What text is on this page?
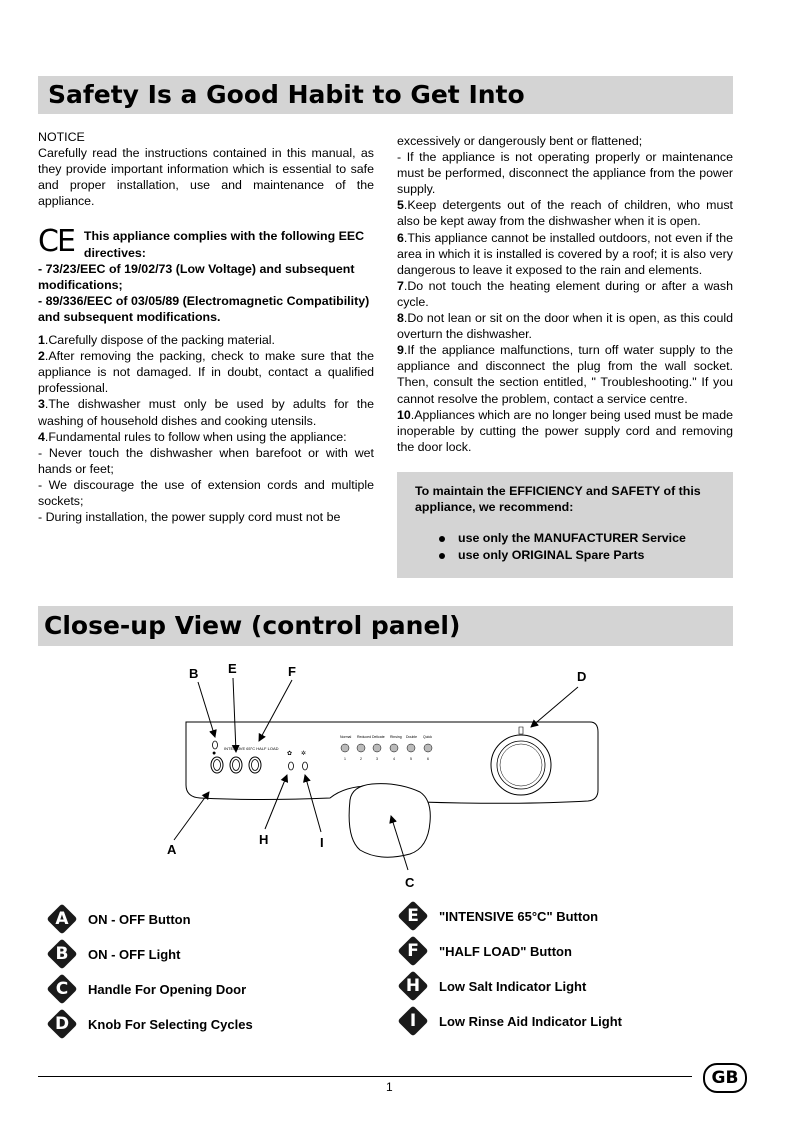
Safety Is a Good Habit to Get Into

NOTICE

Carefully read the instructions contained in this manual, as they provide important information which is essential to safe and proper installation, use and maintenance of the appliance.

CE This appliance complies with the following EEC directives:

- 73/23/EEC of 19/02/73 (Low Voltage) and subsequent modifications;

- 89/336/EEC of 03/05/89 (Electromagnetic Compatibility) and subsequent modifications.

1.Carefully dispose of the packing material.

2.After removing the packing, check to make sure that the appliance is not damaged. If in doubt, contact a qualified professional.

3.The dishwasher must only be used by adults for the washing of household dishes and cooking utensils.

4.Fundamental rules to follow when using the appliance:

- Never touch the dishwasher when barefoot or with wet hands or feet;

- We discourage the use of extension cords and multiple sockets;

- During installation, the power supply cord must not be

excessively or dangerously bent or flattened;

- If the appliance is not operating properly or maintenance must be performed, disconnect the appliance from the power supply.

5.Keep detergents out of the reach of children, who must also be kept away from the dishwasher when it is open.

6.This appliance cannot be installed outdoors, not even if the area in which it is installed is covered by a roof; it is also very dangerous to leave it exposed to the rain and elements.

7.Do not touch the heating element during or after a wash cycle.

8.Do not lean or sit on the door when it is open, as this could overturn the dishwasher.

9.If the appliance malfunctions, turn off water supply to the appliance and disconnect the plug from the wall socket. Then, consult the section entitled, " Troubleshooting." If you cannot resolve the problem, contact a service centre.

10.Appliances which are no longer being used must be made inoperable by cutting the power supply cord and removing the door lock.

To maintain the EFFICIENCY and SAFETY of this appliance, we recommend:
use only the MANUFACTURER Service
use only ORIGINAL Spare Parts
Close-up View (control panel)
●
INTENSIVE 65°C HALF LOAD
✿ ✲
Normal Reduced Delicate Rinsing Double Quick
1	2	3	4	5	6
B E	F	D
A
H	I
C
A	ON - OFF Button
B	ON - OFF Light
C	Handle For Opening Door
D	Knob For Selecting Cycles
E	"INTENSIVE 65°C" Button
F	"HALF LOAD" Button
H	Low Salt Indicator Light
I	Low Rinse Aid Indicator Light
1	GB
